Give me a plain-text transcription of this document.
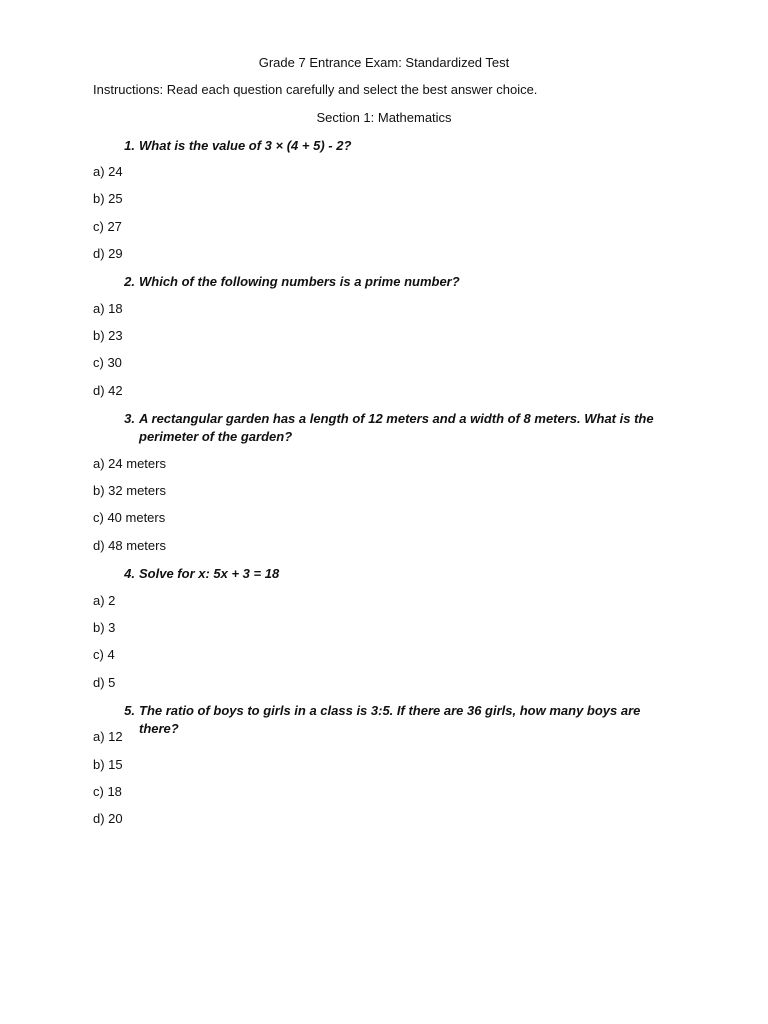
Grade 7 Entrance Exam: Standardized Test
Instructions: Read each question carefully and select the best answer choice.
Section 1: Mathematics
1. What is the value of 3 × (4 + 5) - 2?
a) 24
b) 25
c) 27
d) 29
2. Which of the following numbers is a prime number?
a) 18
b) 23
c) 30
d) 42
3. A rectangular garden has a length of 12 meters and a width of 8 meters. What is the perimeter of the garden?
a) 24 meters
b) 32 meters
c) 40 meters
d) 48 meters
4. Solve for x: 5x + 3 = 18
a) 2
b) 3
c) 4
d) 5
5. The ratio of boys to girls in a class is 3:5. If there are 36 girls, how many boys are there?
a) 12
b) 15
c) 18
d) 20
